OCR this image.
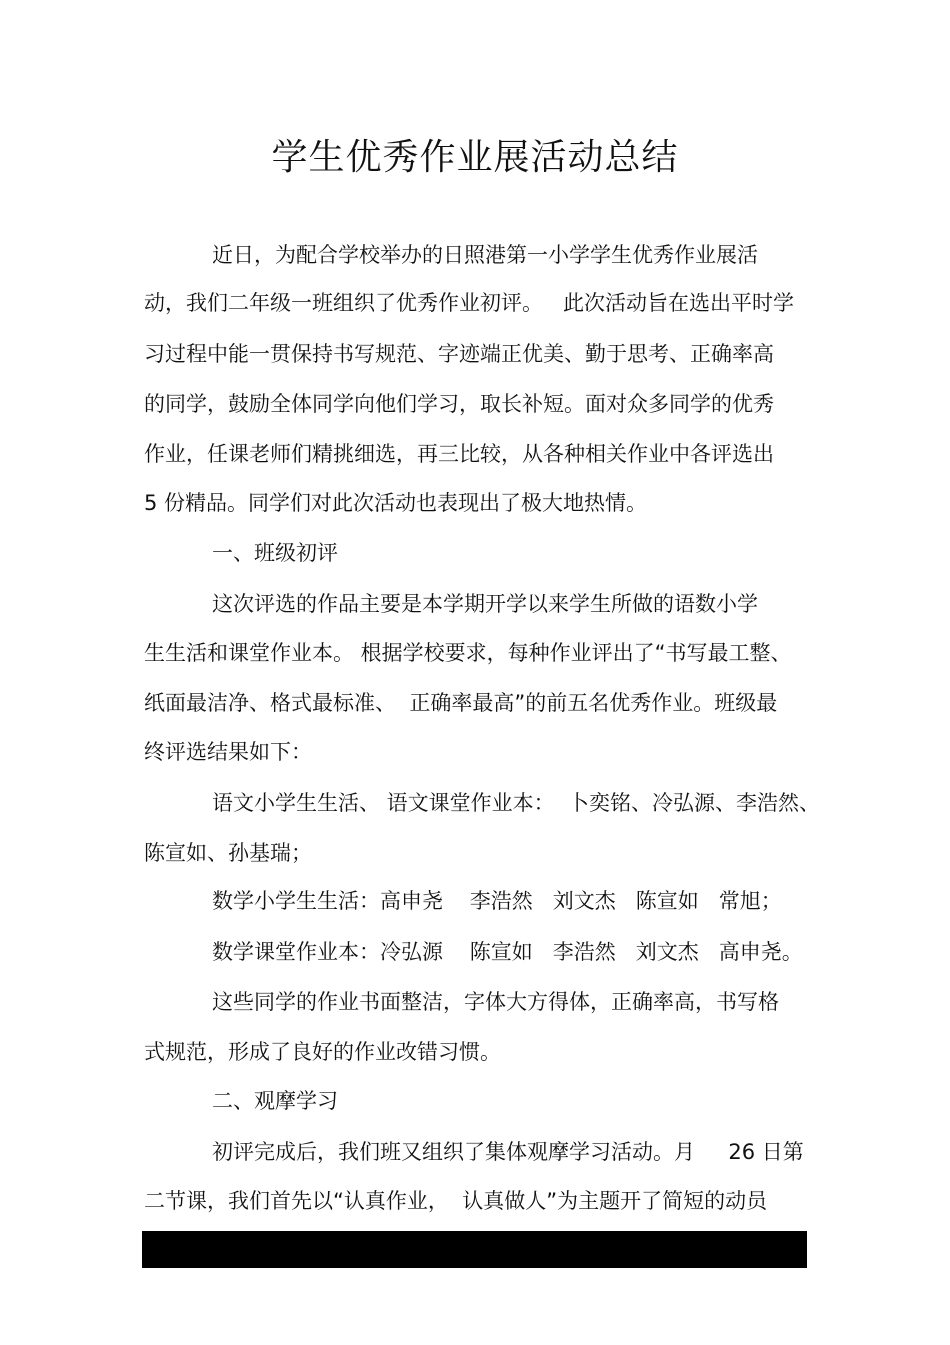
学生优秀作业展活动总结
近日，为配合学校举办的日照港第一小学学生优秀作业展活
动，我们二年级一班组织了优秀作业初评。   此次活动旨在选出平时学
习过程中能一贯保持书写规范、字迹端正优美、勤于思考、正确率高
的同学，鼓励全体同学向他们学习，取长补短。面对众多同学的优秀
作业，任课老师们精挑细选，再三比较，从各种相关作业中各评选出
5 份精品。同学们对此次活动也表现出了极大地热情。
一、班级初评
这次评选的作品主要是本学期开学以来学生所做的语数小学
生生活和课堂作业本。 根据学校要求，每种作业评出了“书写最工整、
纸面最洁净、格式最标准、  正确率最高”的前五名优秀作业。班级最
终评选结果如下：
语文小学生生活、 语文课堂作业本：  卜奕铭、冷弘源、李浩然、
陈宣如、孙基瑞；
数学小学生生活：高申尧    李浩然   刘文杰   陈宣如   常旭；
数学课堂作业本：冷弘源    陈宣如   李浩然   刘文杰   高申尧。
这些同学的作业书面整洁，字体大方得体，正确率高，书写格
式规范，形成了良好的作业改错习惯。
二、观摩学习
初评完成后，我们班又组织了集体观摩学习活动。月     26 日第
二节课，我们首先以“认真作业，  认真做人”为主题开了简短的动员
